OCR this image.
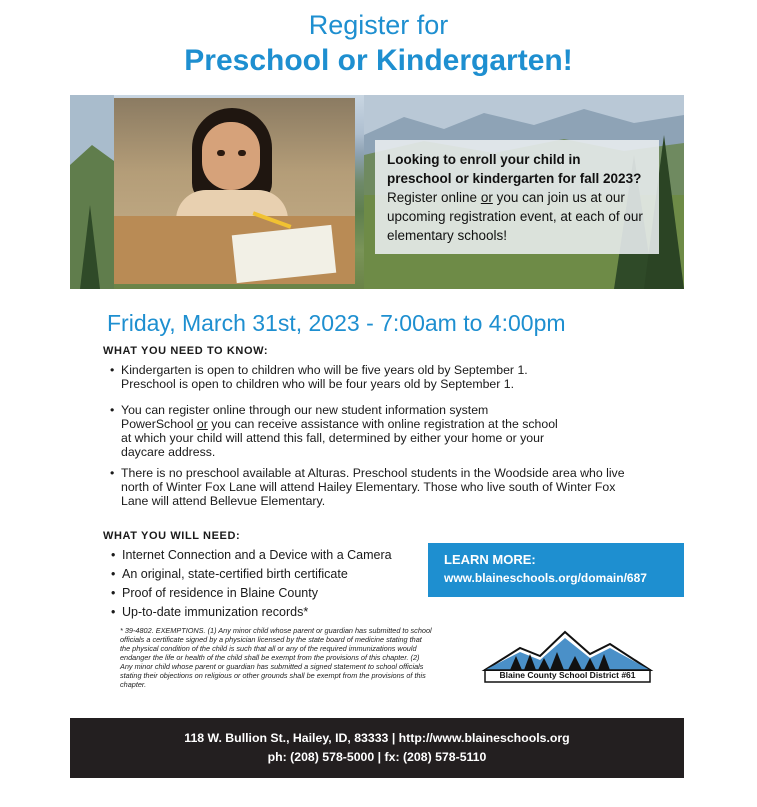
Register for
Preschool or Kindergarten!
Looking to enroll your child in preschool or kindergarten for fall 2023? Register online or you can join us at our upcoming registration event, at each of our elementary schools!
Friday, March 31st, 2023 - 7:00am to 4:00pm
WHAT YOU NEED TO KNOW:
• Kindergarten is open to children who will be five years old by September 1.
Preschool is open to children who will be four years old by September 1.
• You can register online through our new student information system PowerSchool or you can receive assistance with online registration at the school at which your child will attend this fall, determined by either your home or your daycare address.
• There is no preschool available at Alturas. Preschool students in the Woodside area who live north of Winter Fox Lane will attend Hailey Elementary. Those who live south of Winter Fox Lane will attend Bellevue Elementary.
WHAT YOU WILL NEED:
• Internet Connection and a Device with a Camera
• An original, state-certified birth certificate
• Proof of residence in Blaine County
• Up-to-date immunization records*
LEARN MORE:
www.blaineschools.org/domain/687
* 39-4802. EXEMPTIONS. (1) Any minor child whose parent or guardian has submitted to school officials a certificate signed by a physician licensed by the state board of medicine stating that the physical condition of the child is such that all or any of the required immunizations would endanger the life or health of the child shall be exempt from the provisions of this chapter. (2) Any minor child whose parent or guardian has submitted a signed statement to school officials stating their objections on religious or other grounds shall be exempt from the provisions of this chapter.
Blaine County School District #61
118 W. Bullion St., Hailey, ID, 83333 | http://www.blaineschools.org
ph: (208) 578-5000 | fx: (208) 578-5110
